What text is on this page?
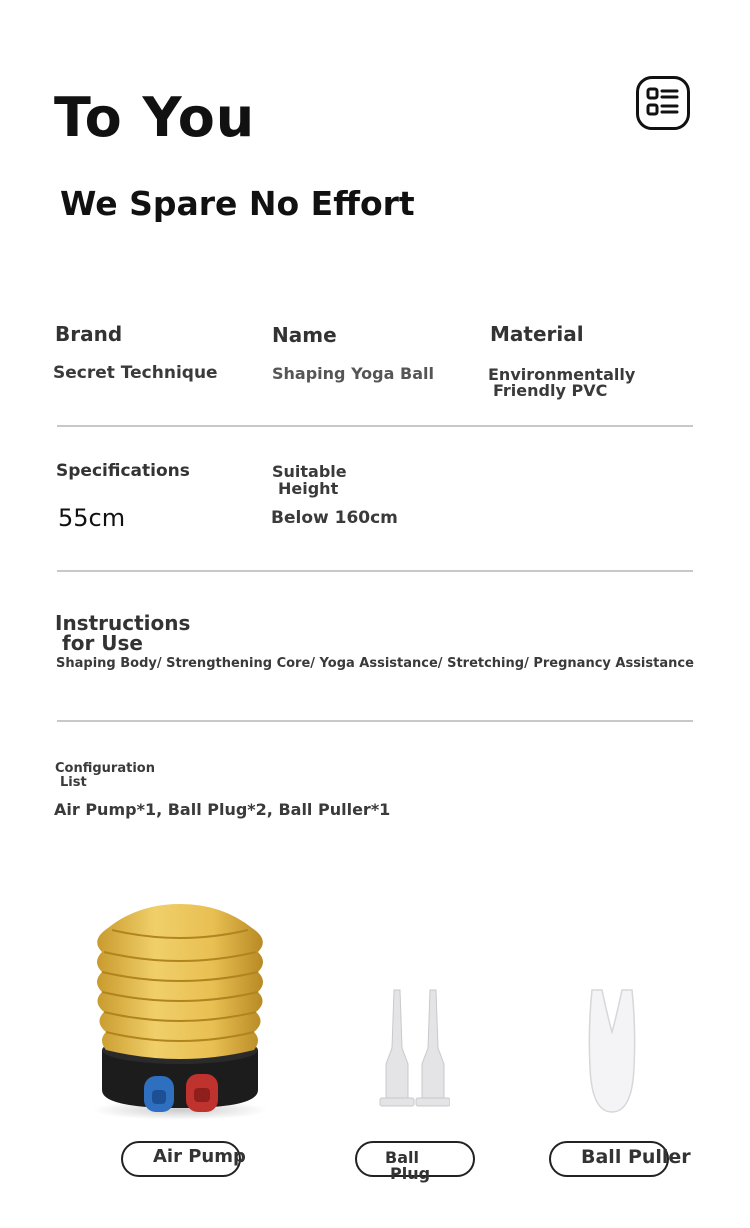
To You
We Spare No Effort
Brand
Secret Technique
Name
Shaping Yoga Ball
Material
Environmentally
Friendly PVC
Specifications
55cm
Suitable
Height
Below 160cm
Instructions
for Use
Shaping Body/ Strengthening Core/ Yoga Assistance/ Stretching/ Pregnancy Assistance
Configuration
List
Air Pump*1, Ball Plug*2, Ball Puller*1
Air Pump	Ball
Plug
Ball Puller
